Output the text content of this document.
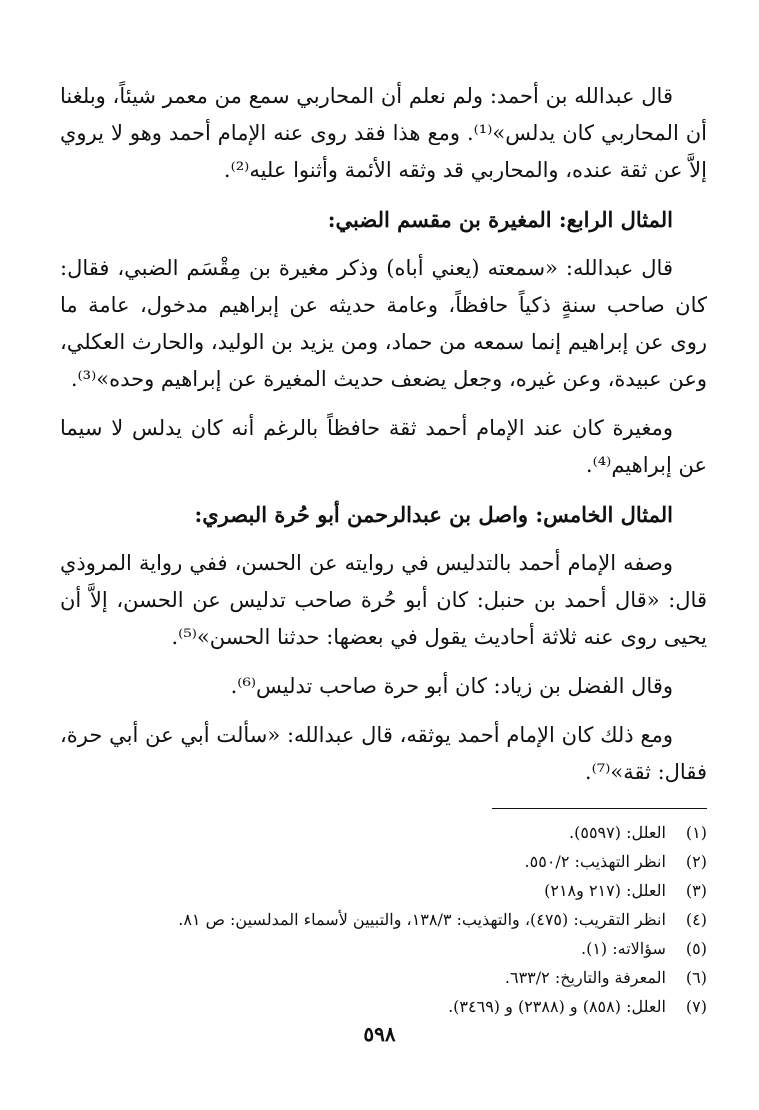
قال عبدالله بن أحمد: ولم نعلم أن المحاربي سمع من معمر شيئاً، وبلغنا أن المحاربي كان يدلس»⁽¹⁾. ومع هذا فقد روى عنه الإمام أحمد وهو لا يروي إلاَّ عن ثقة عنده، والمحاربي قد وثقه الأئمة وأثنوا عليه⁽²⁾.

المثال الرابع: المغيرة بن مقسم الضبي:

قال عبدالله: «سمعته (يعني أباه) وذكر مغيرة بن مِقْسَم الضبي، فقال: كان صاحب سنةٍ ذكياً حافظاً، وعامة حديثه عن إبراهيم مدخول، عامة ما روى عن إبراهيم إنما سمعه من حماد، ومن يزيد بن الوليد، والحارث العكلي، وعن عبيدة، وعن غيره، وجعل يضعف حديث المغيرة عن إبراهيم وحده»⁽³⁾.

ومغيرة كان عند الإمام أحمد ثقة حافظاً بالرغم أنه كان يدلس لا سيما عن إبراهيم⁽⁴⁾.

المثال الخامس: واصل بن عبدالرحمن أبو حُرة البصري:

وصفه الإمام أحمد بالتدليس في روايته عن الحسن، ففي رواية المروذي قال: «قال أحمد بن حنبل: كان أبو حُرة صاحب تدليس عن الحسن، إلاَّ أن يحيى روى عنه ثلاثة أحاديث يقول في بعضها: حدثنا الحسن»⁽⁵⁾.

وقال الفضل بن زياد: كان أبو حرة صاحب تدليس⁽⁶⁾.

ومع ذلك كان الإمام أحمد يوثقه، قال عبدالله: «سألت أبي عن أبي حرة، فقال: ثقة»⁽⁷⁾.

(١) العلل: (٥٥٩٧).
(٢) انظر التهذيب: ٥٥٠/٢.
(٣) العلل: (٢١٧ و٢١٨)
(٤) انظر التقريب: (٤٧٥)، والتهذيب: ١٣٨/٣، والتبيين لأسماء المدلسين: ص ٨١.
(٥) سؤالاته: (١).
(٦) المعرفة والتاريخ: ٦٣٣/٢.
(٧) العلل: (٨٥٨) و (٢٣٨٨) و (٣٤٦٩).
٥٩٨
